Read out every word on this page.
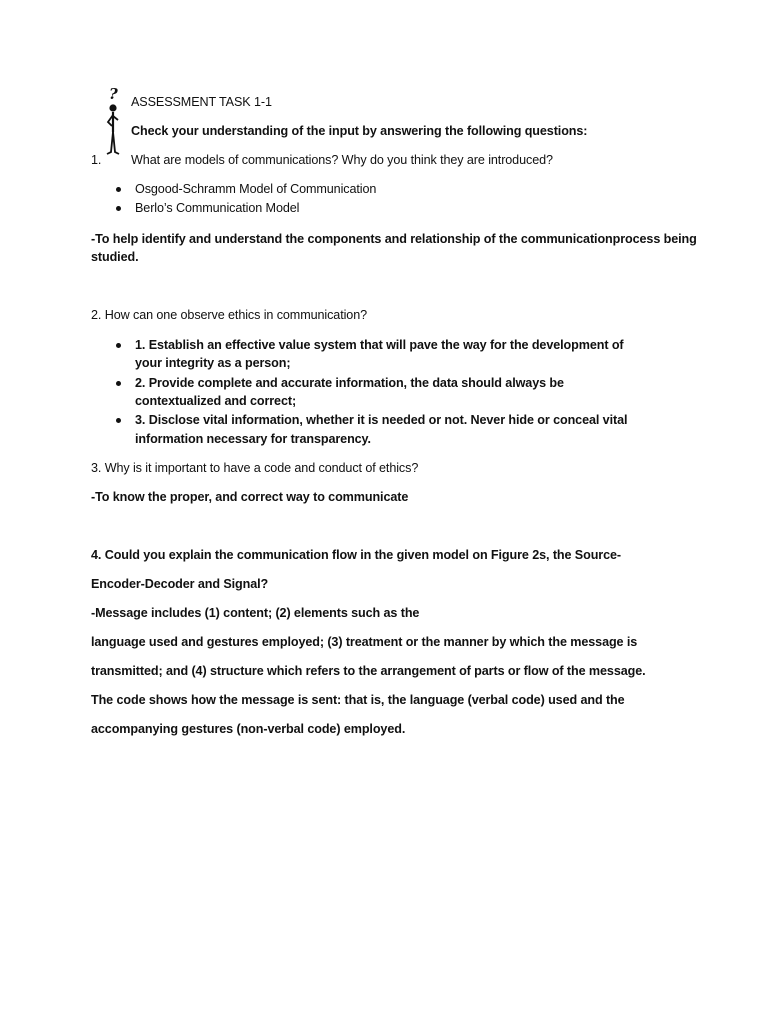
? ASSESSMENT TASK 1-1
Check your understanding of the input by answering the following questions:
1. What are models of communications? Why do you think they are introduced?
Osgood-Schramm Model of Communication
Berlo’s Communication Model
-To help identify and understand the components and relationship of the communicationprocess being
studied.
2. How can one observe ethics in communication?
1. Establish an effective value system that will pave the way for the development of
your integrity as a person;
2. Provide complete and accurate information, the data should always be
contextualized and correct;
3. Disclose vital information, whether it is needed or not. Never hide or conceal vital
information necessary for transparency.
3. Why is it important to have a code and conduct of ethics?
-To know the proper, and correct way to communicate
4. Could you explain the communication flow in the given model on Figure 2s, the Source-
Encoder-Decoder and Signal?
-Message includes (1) content; (2) elements such as the
language used and gestures employed; (3) treatment or the manner by which the message is
transmitted; and (4) structure which refers to the arrangement of parts or flow of the message.
The code shows how the message is sent: that is, the language (verbal code) used and the
accompanying gestures (non-verbal code) employed.
